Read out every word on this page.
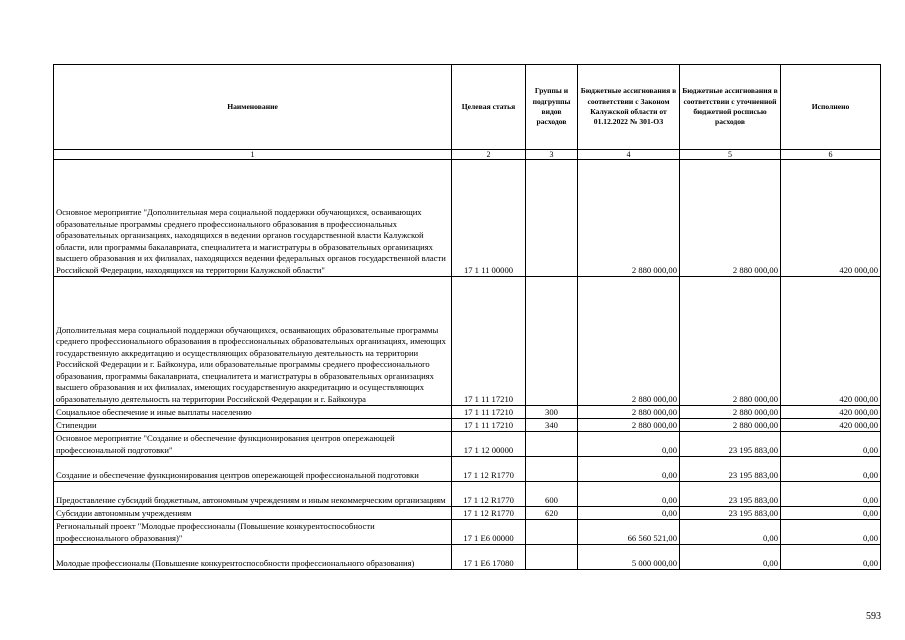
Наименование	Целевая статья	Группы и подгруппы видов расходов	Бюджетные ассигнования в соответствии с Законом Калужской области от 01.12.2022 № 301-ОЗ	Бюджетные ассигнования в соответствии с уточненной бюджетной росписью расходов	Исполнено
1	2	3	4	5	6
Основное мероприятие "Дополнительная мера социальной поддержки обучающихся, осваивающих образовательные программы среднего профессионального образования в профессиональных образовательных организациях, находящихся в ведении органов государственной власти Калужской области, или программы бакалавриата, специалитета и магистратуры в образовательных организациях высшего образования и их филиалах, находящихся ведении федеральных органов государственной власти Российской Федерации, находящихся на территории Калужской области"	17 1 11 00000		2 880 000,00	2 880 000,00	420 000,00
Дополнительная мера социальной поддержки обучающихся, осваивающих образовательные программы среднего профессионального образования в профессиональных образовательных организациях, имеющих государственную аккредитацию и осуществляющих образовательную деятельность на территории Российской Федерации и г. Байконура, или образовательные программы среднего профессионального образования, программы бакалавриата, специалитета и магистратуры в образовательных организациях высшего образования и их филиалах, имеющих государственную аккредитацию и осуществляющих образовательную деятельность на территории Российской Федерации и г. Байконура	17 1 11 17210		2 880 000,00	2 880 000,00	420 000,00
Социальное обеспечение и иные выплаты населению	17 1 11 17210	300	2 880 000,00	2 880 000,00	420 000,00
Стипендии	17 1 11 17210	340	2 880 000,00	2 880 000,00	420 000,00
Основное мероприятие "Создание и обеспечение функционирования центров опережающей профессиональной подготовки"	17 1 12 00000		0,00	23 195 883,00	0,00
Создание и обеспечение функционирования центров опережающей профессиональной подготовки	17 1 12 R1770		0,00	23 195 883,00	0,00
Предоставление субсидий бюджетным, автономным учреждениям и иным некоммерческим организациям	17 1 12 R1770	600	0,00	23 195 883,00	0,00
Субсидии автономным учреждениям	17 1 12 R1770	620	0,00	23 195 883,00	0,00
Региональный проект "Молодые профессионалы (Повышение конкурентоспособности профессионального образования)"	17 1 Е6 00000		66 560 521,00	0,00	0,00
Молодые профессионалы (Повышение конкурентоспособности профессионального образования)	17 1 Е6 17080		5 000 000,00	0,00	0,00
593
